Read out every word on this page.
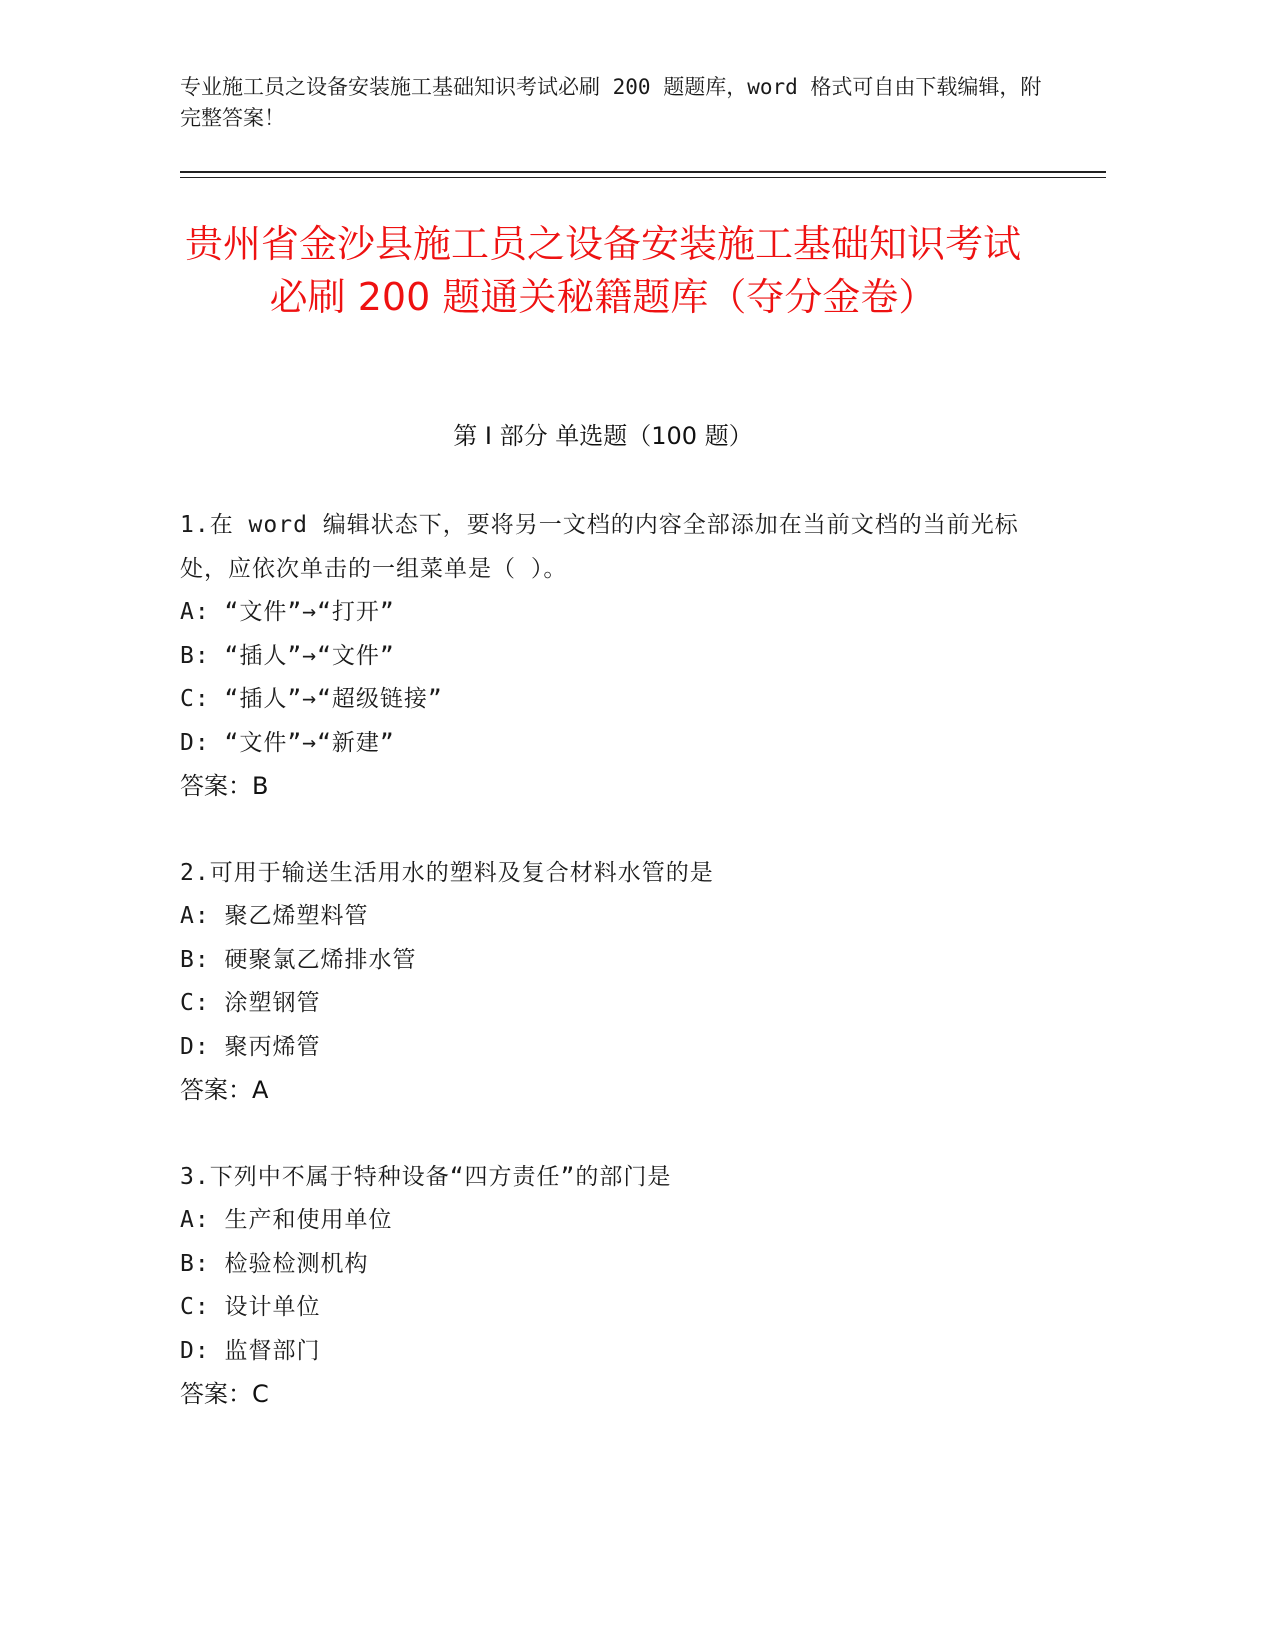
专业施工员之设备安装施工基础知识考试必刷 200 题题库，word 格式可自由下载编辑，附完整答案！
贵州省金沙县施工员之设备安装施工基础知识考试必刷 200 题通关秘籍题库（夺分金卷）
第 I 部分 单选题（100 题）
1.在 word 编辑状态下，要将另一文档的内容全部添加在当前文档的当前光标处，应依次单击的一组菜单是（ ）。
A: “文件”→“打开”
B: “插人”→“文件”
C: “插人”→“超级链接”
D: “文件”→“新建”
答案：B
2.可用于输送生活用水的塑料及复合材料水管的是
A: 聚乙烯塑料管
B: 硬聚氯乙烯排水管
C: 涂塑钢管
D: 聚丙烯管
答案：A
3.下列中不属于特种设备“四方责任”的部门是
A: 生产和使用单位
B: 检验检测机构
C: 设计单位
D: 监督部门
答案：C
